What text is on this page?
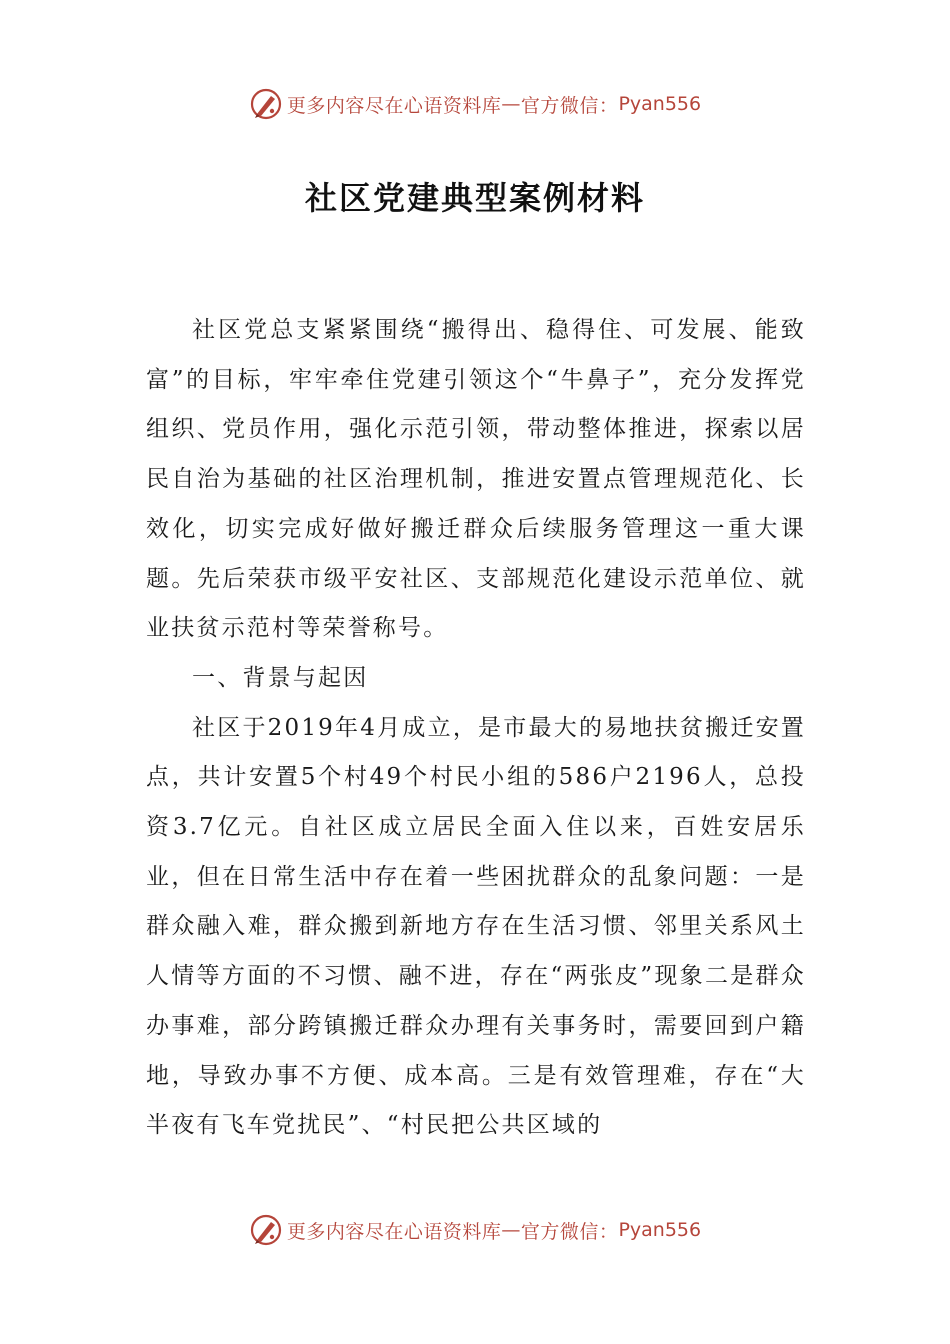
更多内容尽在心语资料库 — 官方微信： Pyan556
社区党建典型案例材料

社区党总支紧紧围绕“搬得出、稳得住、可发展、能致富”的目标，牢牢牵住党建引领这个“牛鼻子”，充分发挥党组织、党员作用，强化示范引领，带动整体推进，探索以居民自治为基础的社区治理机制，推进安置点管理规范化、长效化，切实完成好做好搬迁群众后续服务管理这一重大课题。先后荣获市级平安社区、支部规范化建设示范单位、就业扶贫示范村等荣誉称号。

一、背景与起因

社区于2019年4月成立，是市最大的易地扶贫搬迁安置点，共计安置5个村49个村民小组的586户2196人，总投资3.7亿元。自社区成立居民全面入住以来，百姓安居乐业，但在日常生活中存在着一些困扰群众的乱象问题：一是群众融入难，群众搬到新地方存在生活习惯、邻里关系风土人情等方面的不习惯、融不进，存在“两张皮”现象二是群众办事难，部分跨镇搬迁群众办理有关事务时，需要回到户籍地，导致办事不方便、成本高。三是有效管理难，存在“大半夜有飞车党扰民”、“村民把公共区域的

更多内容尽在心语资料库 — 官方微信： Pyan556
